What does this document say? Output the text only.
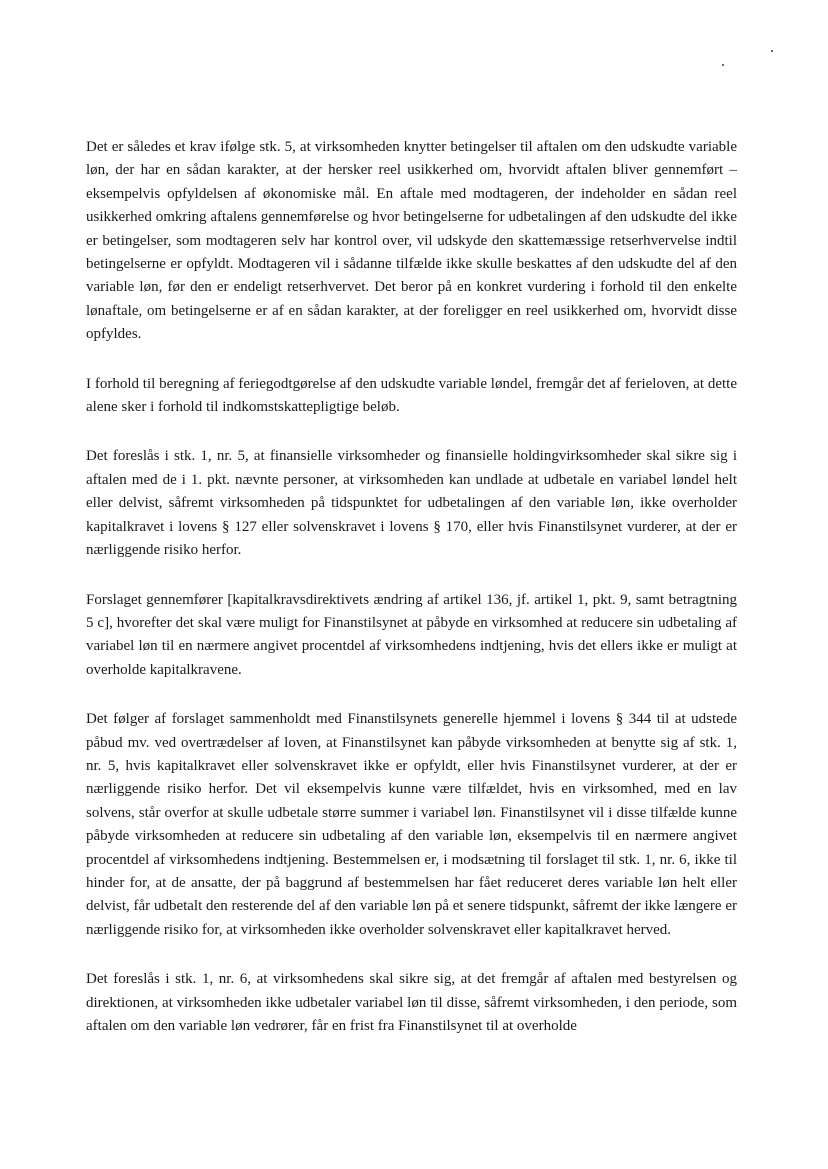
Det er således et krav ifølge stk. 5, at virksomheden knytter betingelser til aftalen om den udskudte variable løn, der har en sådan karakter, at der hersker reel usikkerhed om, hvorvidt aftalen bliver gennemført – eksempelvis opfyldelsen af økonomiske mål. En aftale med modtageren, der indeholder en sådan reel usikkerhed omkring aftalens gennemførelse og hvor betingelserne for udbetalingen af den udskudte del ikke er betingelser, som modtageren selv har kontrol over, vil udskyde den skattemæssige retserhvervelse indtil betingelserne er opfyldt. Modtageren vil i sådanne tilfælde ikke skulle beskattes af den udskudte del af den variable løn, før den er endeligt retserhvervet. Det beror på en konkret vurdering i forhold til den enkelte lønaftale, om betingelserne er af en sådan karakter, at der foreligger en reel usikkerhed om, hvorvidt disse opfyldes.

I forhold til beregning af feriegodtgørelse af den udskudte variable løndel, fremgår det af ferieloven, at dette alene sker i forhold til indkomstskattepligtige beløb.

Det foreslås i stk. 1, nr. 5, at finansielle virksomheder og finansielle holdingvirksomheder skal sikre sig i aftalen med de i 1. pkt. nævnte personer, at virksomheden kan undlade at udbetale en variabel løndel helt eller delvist, såfremt virksomheden på tidspunktet for udbetalingen af den variable løn, ikke overholder kapitalkravet i lovens § 127 eller solvenskravet i lovens § 170, eller hvis Finanstilsynet vurderer, at der er nærliggende risiko herfor.

Forslaget gennemfører [kapitalkravsdirektivets ændring af artikel 136, jf. artikel 1, pkt. 9, samt betragtning 5 c], hvorefter det skal være muligt for Finanstilsynet at påbyde en virksomhed at reducere sin udbetaling af variabel løn til en nærmere angivet procentdel af virksomhedens indtjening, hvis det ellers ikke er muligt at overholde kapitalkravene.

Det følger af forslaget sammenholdt med Finanstilsynets generelle hjemmel i lovens § 344 til at udstede påbud mv. ved overtrædelser af loven, at Finanstilsynet kan påbyde virksomheden at benytte sig af stk. 1, nr. 5, hvis kapitalkravet eller solvenskravet ikke er opfyldt, eller hvis Finanstilsynet vurderer, at der er nærliggende risiko herfor. Det vil eksempelvis kunne være tilfældet, hvis en virksomhed, med en lav solvens, står overfor at skulle udbetale større summer i variabel løn. Finanstilsynet vil i disse tilfælde kunne påbyde virksomheden at reducere sin udbetaling af den variable løn, eksempelvis til en nærmere angivet procentdel af virksomhedens indtjening. Bestemmelsen er, i modsætning til forslaget til stk. 1, nr. 6, ikke til hinder for, at de ansatte, der på baggrund af bestemmelsen har fået reduceret deres variable løn helt eller delvist, får udbetalt den resterende del af den variable løn på et senere tidspunkt, såfremt der ikke længere er nærliggende risiko for, at virksomheden ikke overholder solvenskravet eller kapitalkravet herved.

Det foreslås i stk. 1, nr. 6, at virksomhedens skal sikre sig, at det fremgår af aftalen med bestyrelsen og direktionen, at virksomheden ikke udbetaler variabel løn til disse, såfremt virksomheden, i den periode, som aftalen om den variable løn vedrører, får en frist fra Finanstilsynet til at overholde
